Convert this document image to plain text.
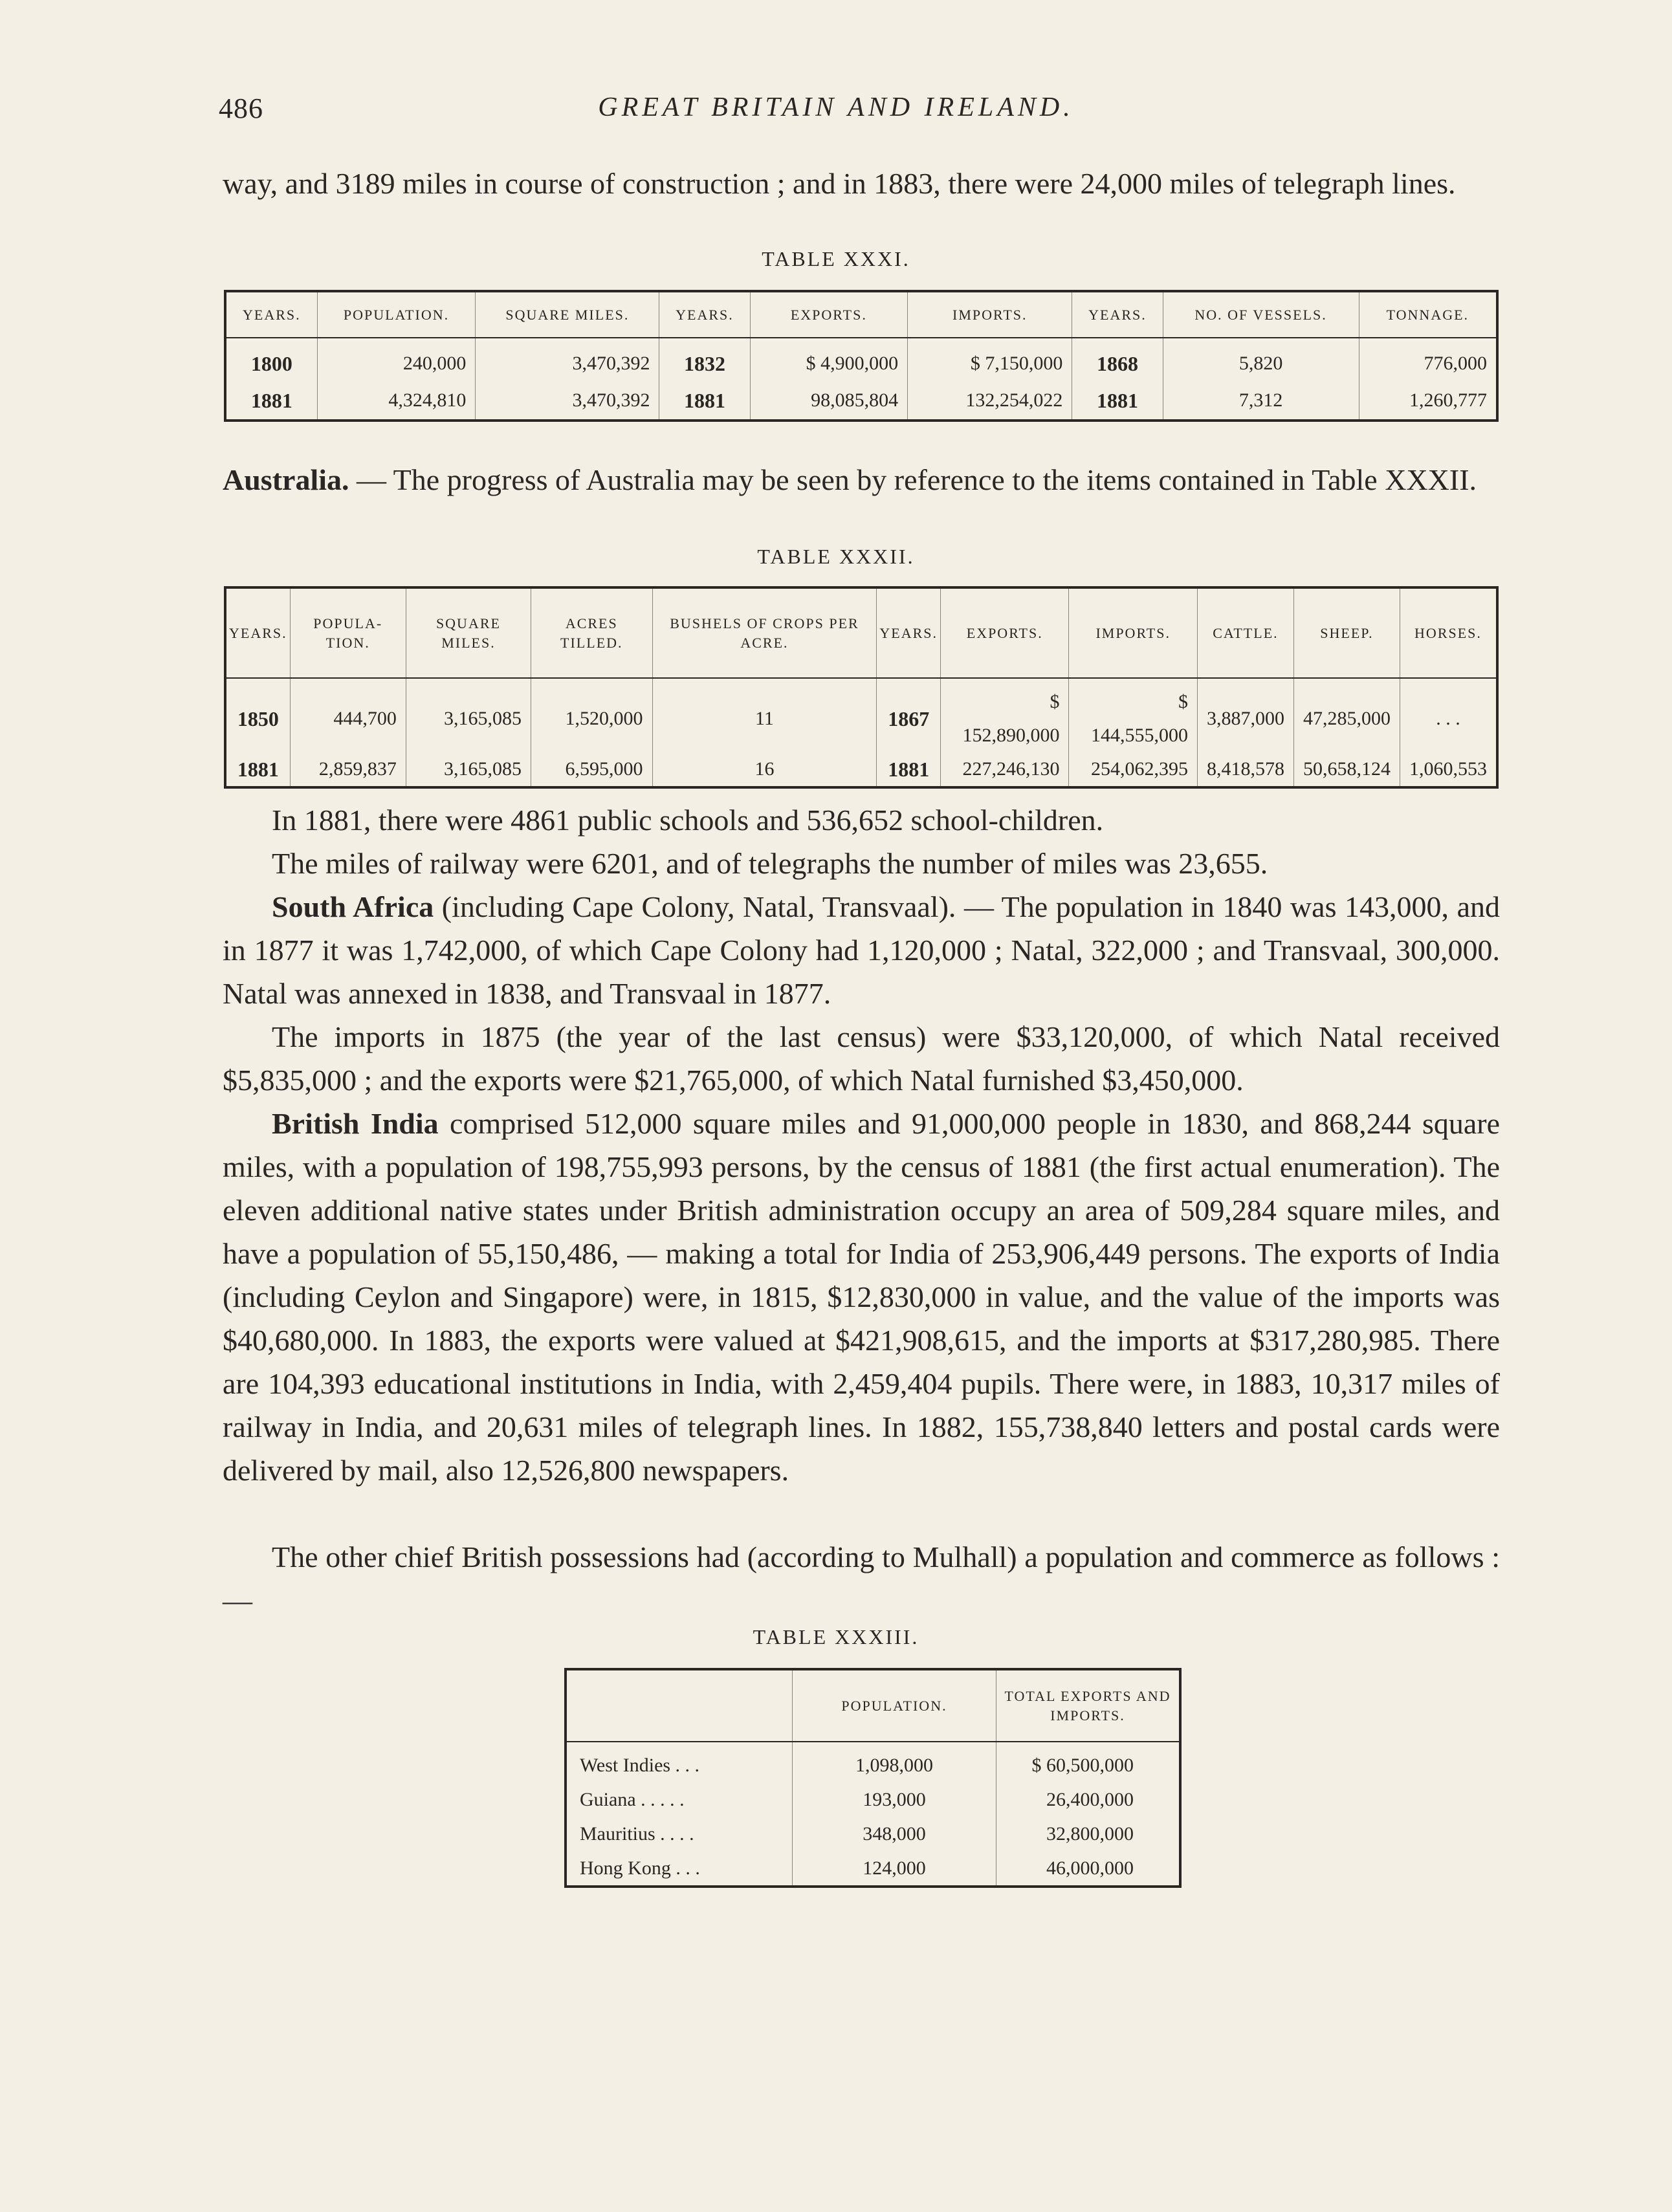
486	GREAT BRITAIN AND IRELAND.

way, and 3189 miles in course of construction ; and in 1883, there were 24,000 miles of telegraph lines.

TABLE XXXI.
YEARS.	POPULATION.	SQUARE MILES.	YEARS.	EXPORTS.	IMPORTS.	YEARS.	NO. OF VESSELS.	TONNAGE.
1800	240,000	3,470,392	1832	$ 4,900,000	$ 7,150,000	1868	5,820	776,000
1881	4,324,810	3,470,392	1881	98,085,804	132,254,022	1881	7,312	1,260,777

Australia. — The progress of Australia may be seen by reference to the items contained in Table XXXII.

TABLE XXXII.
YEARS.	POPULA-TION.	SQUARE MILES.	ACRES TILLED.	BUSHELS OF CROPS PER ACRE.	YEARS.	EXPORTS.	IMPORTS.	CATTLE.	SHEEP.	HORSES.
1850	444,700	3,165,085	1,520,000	11	1867	$ 152,890,000	$ 144,555,000	3,887,000	47,285,000	. . .
1881	2,859,837	3,165,085	6,595,000	16	1881	227,246,130	254,062,395	8,418,578	50,658,124	1,060,553

In 1881, there were 4861 public schools and 536,652 school-children.

The miles of railway were 6201, and of telegraphs the number of miles was 23,655.

South Africa (including Cape Colony, Natal, Transvaal). — The population in 1840 was 143,000, and in 1877 it was 1,742,000, of which Cape Colony had 1,120,000 ; Natal, 322,000 ; and Transvaal, 300,000. Natal was annexed in 1838, and Transvaal in 1877.

The imports in 1875 (the year of the last census) were $33,120,000, of which Natal received $5,835,000 ; and the exports were $21,765,000, of which Natal furnished $3,450,000.

British India comprised 512,000 square miles and 91,000,000 people in 1830, and 868,244 square miles, with a population of 198,755,993 persons, by the census of 1881 (the first actual enumeration). The eleven additional native states under British administration occupy an area of 509,284 square miles, and have a population of 55,150,486, — making a total for India of 253,906,449 persons. The exports of India (including Ceylon and Singapore) were, in 1815, $12,830,000 in value, and the value of the imports was $40,680,000. In 1883, the exports were valued at $421,908,615, and the imports at $317,280,985. There are 104,393 educational institutions in India, with 2,459,404 pupils. There were, in 1883, 10,317 miles of railway in India, and 20,631 miles of telegraph lines. In 1882, 155,738,840 letters and postal cards were delivered by mail, also 12,526,800 newspapers.

The other chief British possessions had (according to Mulhall) a population and commerce as follows : —

TABLE XXXIII.
	POPULATION.	TOTAL EXPORTS AND IMPORTS.
West Indies . . .	1,098,000	$ 60,500,000
Guiana . . . . .	193,000	26,400,000
Mauritius . . . .	348,000	32,800,000
Hong Kong . . .	124,000	46,000,000
